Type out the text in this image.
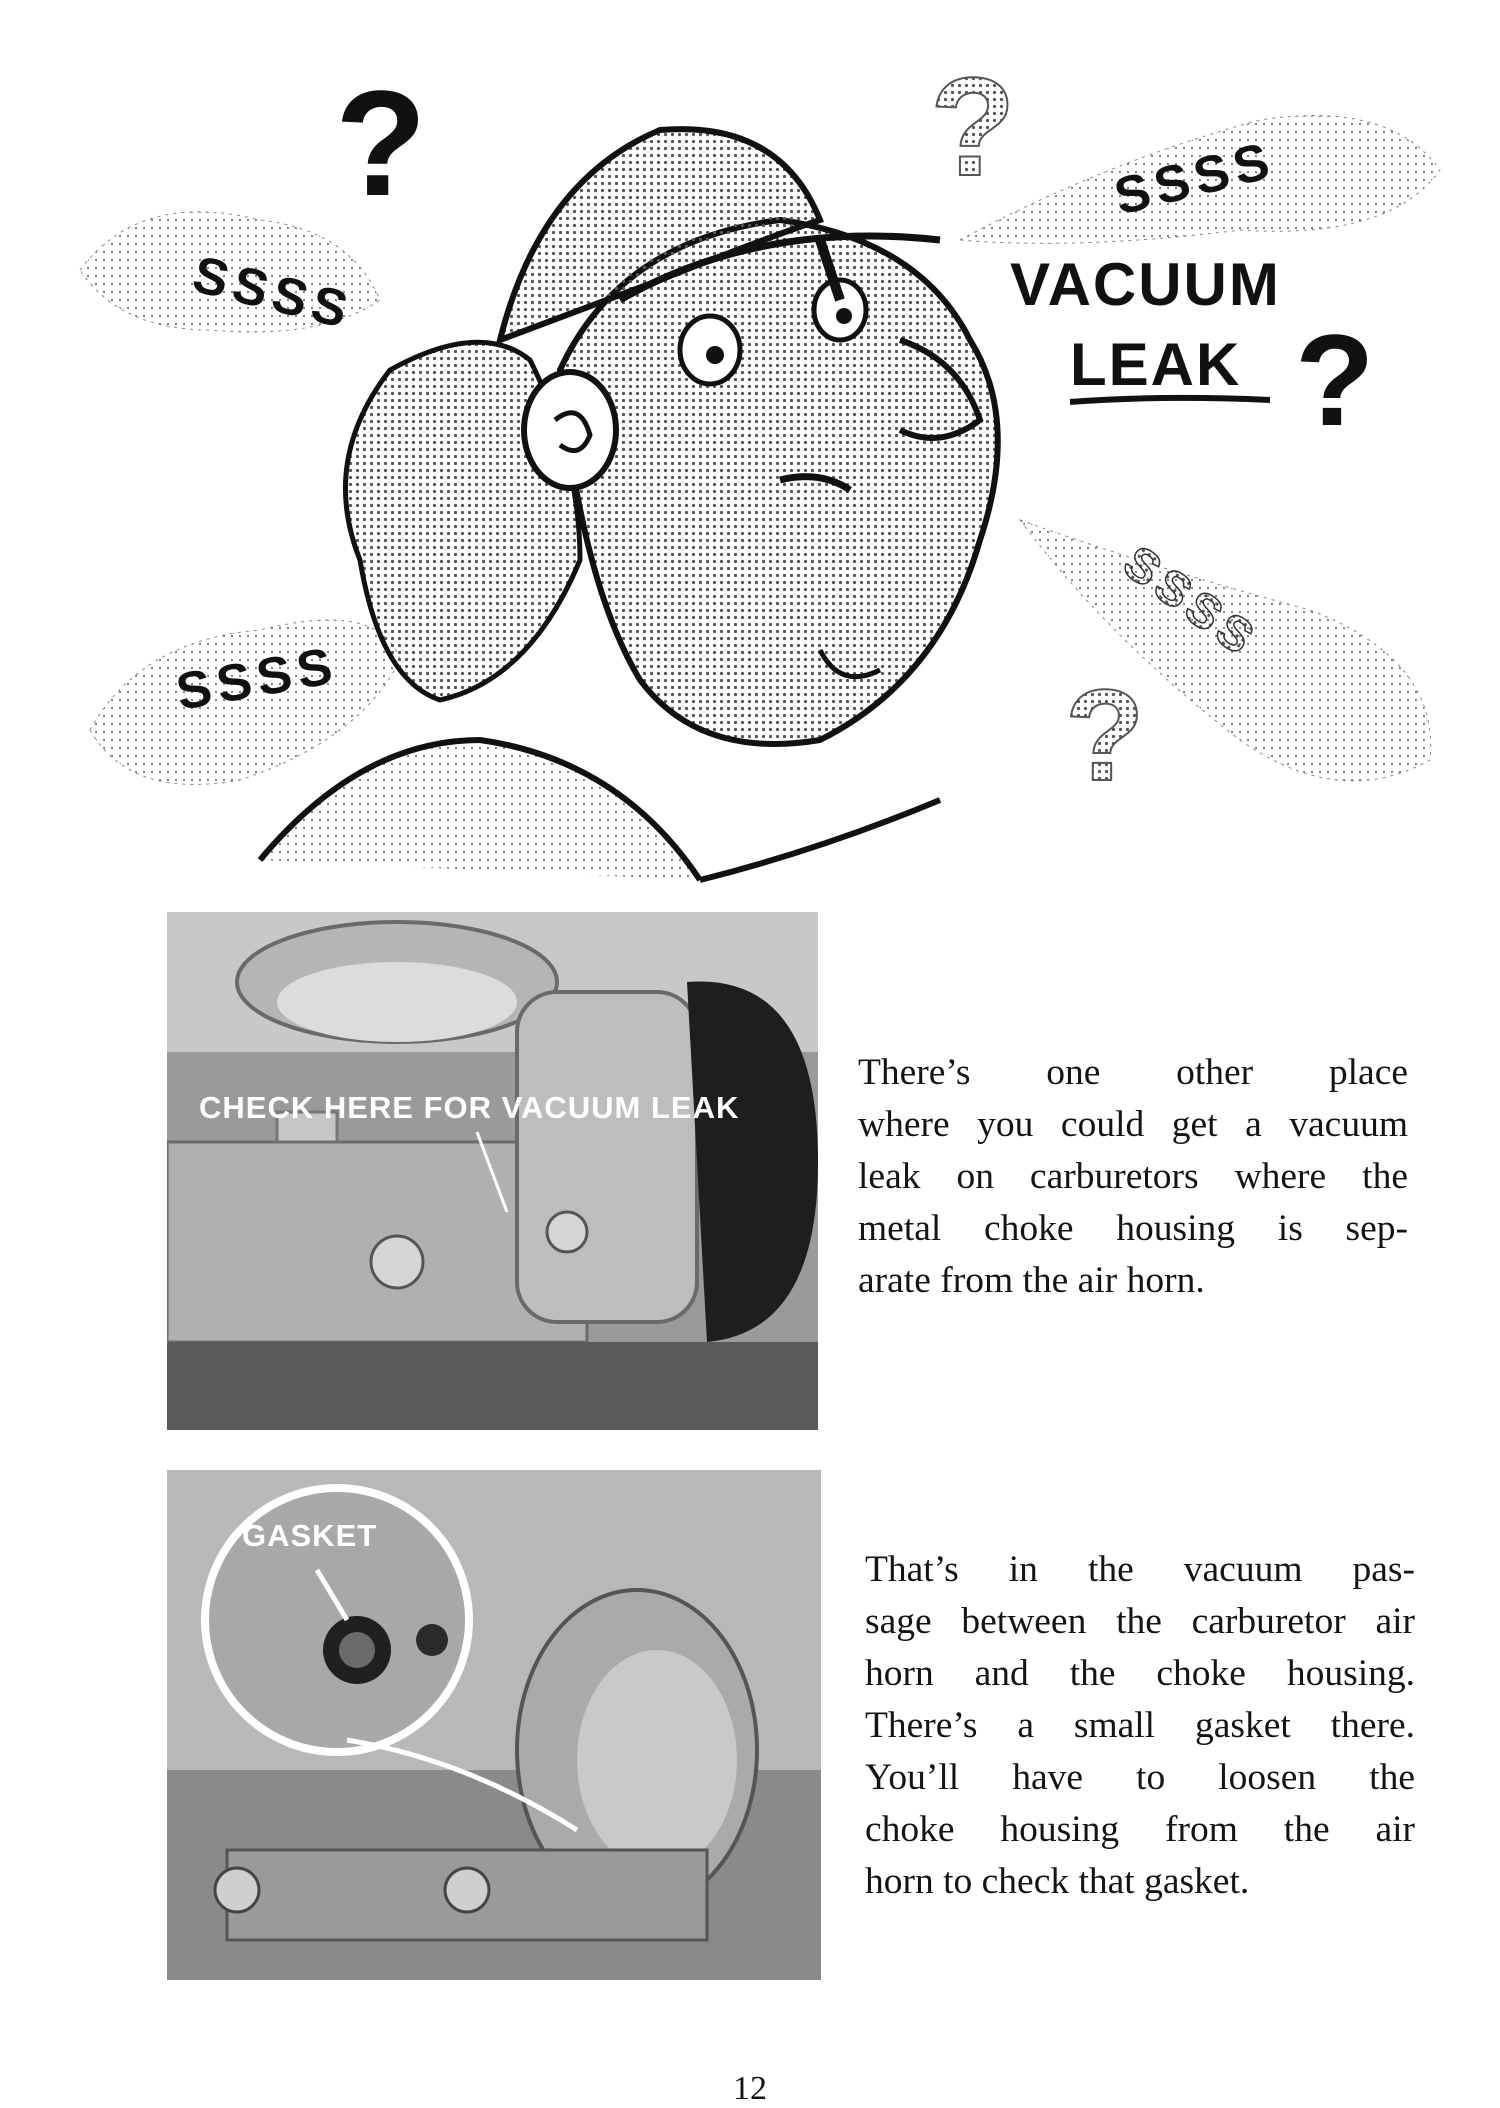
?	?
?
?
SSSS
SSSS
SSSS
SSSS
VACUUM
LEAK
CHECK HERE FOR VACUUM LEAK

There’s one other place
where you could get a vacuum
leak on carburetors where the
metal choke housing is sep-
arate from the air horn.

GASKET

That’s in the vacuum pas-
sage between the carburetor air
horn and the choke housing.
There’s a small gasket there.
You’ll have to loosen the
choke housing from the air
horn to check that gasket.

12
